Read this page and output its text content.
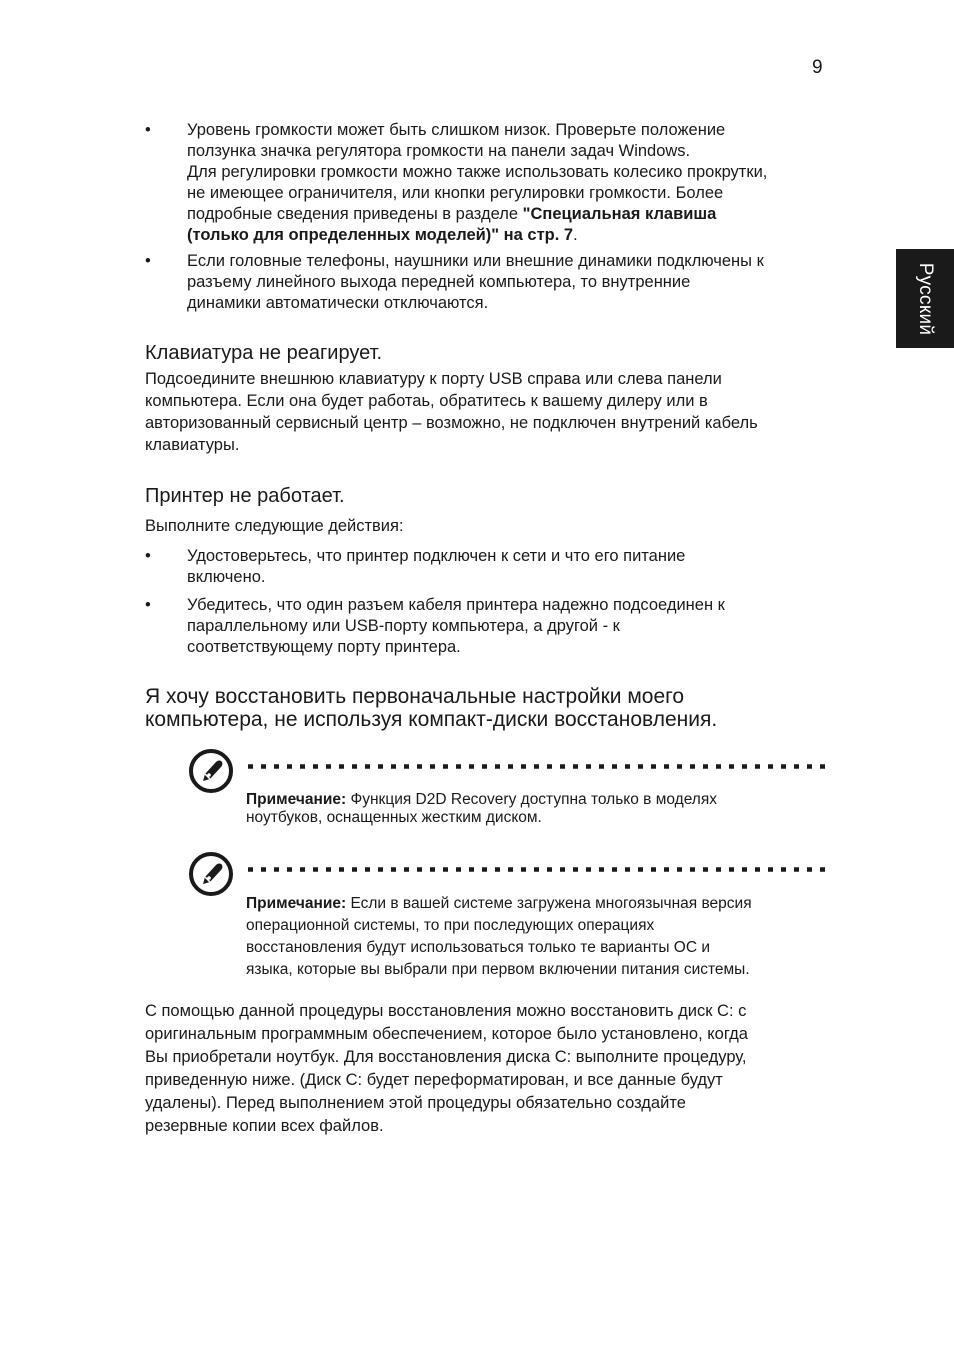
9
Русский
• Уровень громкости может быть слишком низок. Проверьте положение
ползунка значка регулятора громкости на панели задач Windows.
Для регулировки громкости можно также использовать колесико прокрутки,
не имеющее ограничителя, или кнопки регулировки громкости. Более
подробные сведения приведены в разделе "Специальная клавиша
(только для определенных моделей)" на стр. 7.
• Если головные телефоны, наушники или внешние динамики подключены к
разъему линейного выхода передней компьютера, то внутренние
динамики автоматически отключаются.
Клавиатура не реагирует.
Подсоедините внешнюю клавиатуру к порту USB справа или слева панели
компьютера. Если она будет работаь, обратитесь к вашему дилеру или в
авторизованный сервисный центр – возможно, не подключен внутрений кабель
клавиатуры.
Принтер не работает.
Выполните следующие действия:
• Удостоверьтесь, что принтер подключен к сети и что его питание
включено.
• Убедитесь, что один разъем кабеля принтера надежно подсоединен к
параллельному или USB-порту компьютера, а другой - к
соответствующему порту принтера.
Я хочу восстановить первоначальные настройки моего
компьютера, не используя компакт-диски восстановления.
Примечание: Функция D2D Recovery доступна только в моделях
ноутбуков, оснащенных жестким диском.
Примечание: Если в вашей системе загружена многоязычная версия
операционной системы, то при последующих операциях
восстановления будут использоваться только те варианты ОС и
языка, которые вы выбрали при первом включении питания системы.
С помощью данной процедуры восстановления можно восстановить диск C: с
оригинальным программным обеспечением, которое было установлено, когда
Вы приобретали ноутбук. Для восстановления диска C: выполните процедуру,
приведенную ниже. (Диск C: будет переформатирован, и все данные будут
удалены). Перед выполнением этой процедуры обязательно создайте
резервные копии всех файлов.
